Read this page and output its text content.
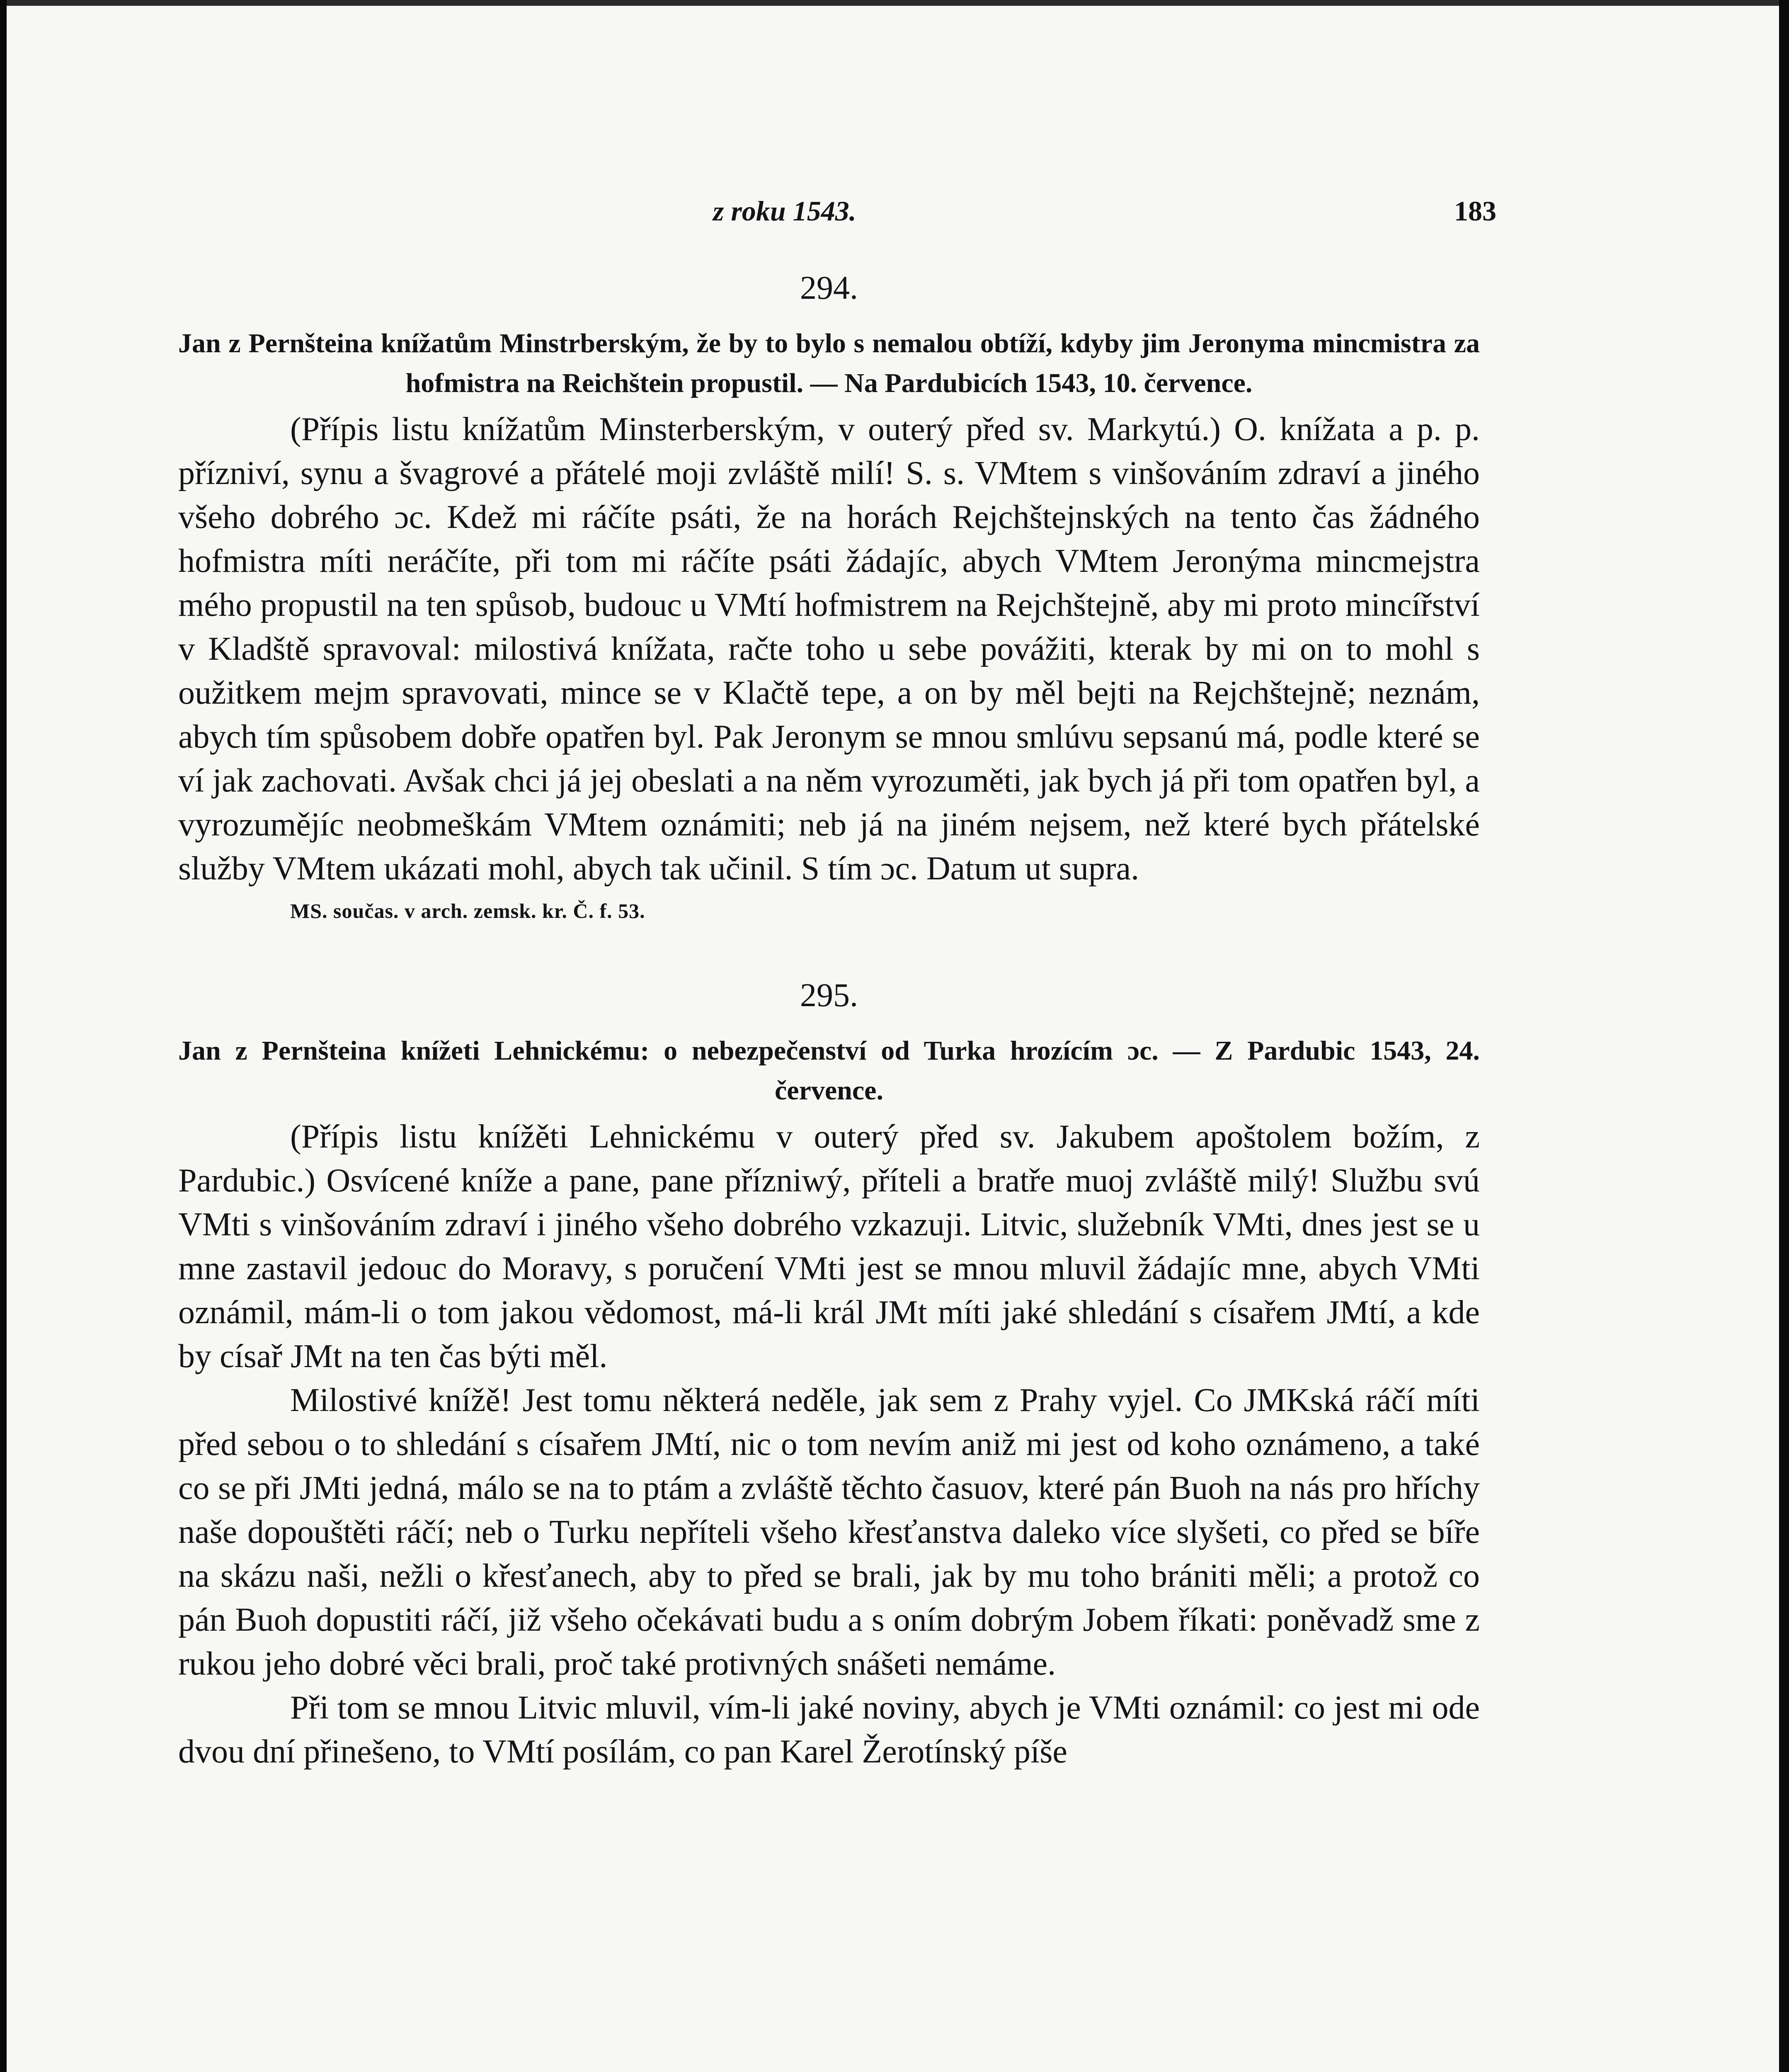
z roku 1543.	183
294.

Jan z Pernšteina knížatům Minstrberským, že by to bylo s nemalou obtíží, kdyby jim Jeronyma mincmistra za hofmistra na Reichštein propustil. — Na Pardubicích 1543, 10. července.

(Přípis listu knížatům Minsterberským, v outerý před sv. Markytú.) O. knížata a p. p. přízniví, synu a švagrové a přátelé moji zvláště milí! S. s. VMtem s vinšováním zdraví a jiného všeho dobrého ɔc. Kdež mi ráčíte psáti, že na horách Rejchštejnských na tento čas žádného hofmistra míti neráčíte, při tom mi ráčíte psáti žádajíc, abych VMtem Jeronýma mincmejstra mého propustil na ten spůsob, budouc u VMtí hofmistrem na Rejchštejně, aby mi proto mincířství v Kladště spravoval: milostivá knížata, račte toho u sebe povážiti, kterak by mi on to mohl s oužitkem mejm spravovati, mince se v Klačtě tepe, a on by měl bejti na Rejchštejně; neznám, abych tím spůsobem dobře opatřen byl. Pak Jeronym se mnou smlúvu sepsanú má, podle které se ví jak zachovati. Avšak chci já jej obeslati a na něm vyrozuměti, jak bych já při tom opatřen byl, a vyrozumějíc neobmeškám VMtem oznámiti; neb já na jiném nejsem, než které bych přátelské služby VMtem ukázati mohl, abych tak učinil. S tím ɔc. Datum ut supra.

MS. součas. v arch. zemsk. kr. Č. f. 53.
295.

Jan z Pernšteina knížeti Lehnickému: o nebezpečenství od Turka hrozícím ɔc. — Z Pardubic 1543, 24. července.

(Přípis listu knížěti Lehnickému v outerý před sv. Jakubem apoštolem božím, z Pardubic.) Osvícené kníže a pane, pane přízniwý, příteli a bratře muoj zvláště milý! Službu svú VMti s vinšováním zdraví i jiného všeho dobrého vzkazuji. Litvic, služebník VMti, dnes jest se u mne zastavil jedouc do Moravy, s poručení VMti jest se mnou mluvil žádajíc mne, abych VMti oznámil, mám-li o tom jakou vědomost, má-li král JMt míti jaké shledání s císařem JMtí, a kde by císař JMt na ten čas býti měl.

Milostivé knížě! Jest tomu některá neděle, jak sem z Prahy vyjel. Co JMKská ráčí míti před sebou o to shledání s císařem JMtí, nic o tom nevím aniž mi jest od koho oznámeno, a také co se při JMti jedná, málo se na to ptám a zvláště těchto časuov, které pán Buoh na nás pro hříchy naše dopouštěti ráčí; neb o Turku nepříteli všeho křesťanstva daleko více slyšeti, co před se bíře na skázu naši, nežli o křesťanech, aby to před se brali, jak by mu toho brániti měli; a protož co pán Buoh dopustiti ráčí, již všeho očekávati budu a s oním dobrým Jobem říkati: poněvadž sme z rukou jeho dobré věci brali, proč také protivných snášeti nemáme.

Při tom se mnou Litvic mluvil, vím-li jaké noviny, abych je VMti oznámil: co jest mi ode dvou dní přinešeno, to VMtí posílám, co pan Karel Žerotínský píše
